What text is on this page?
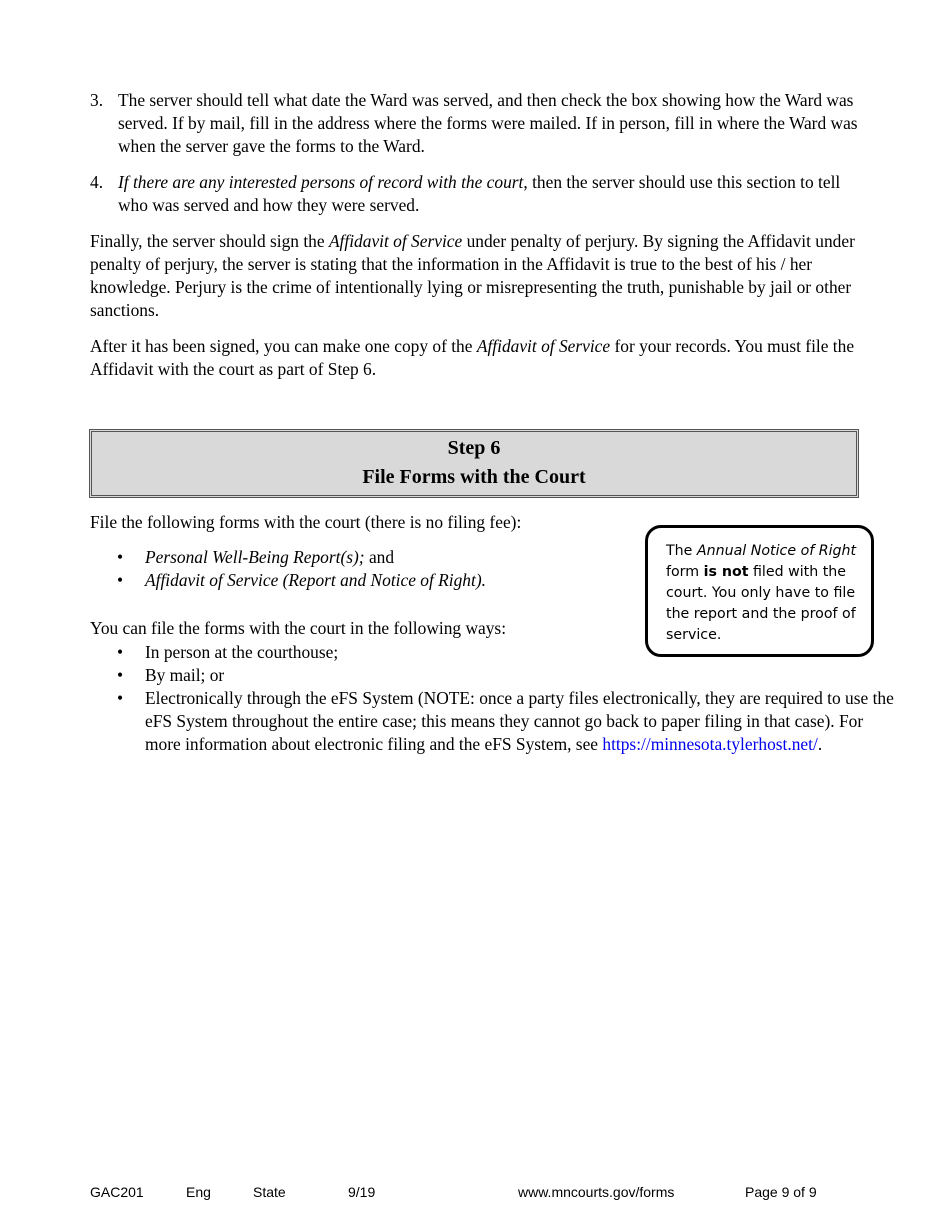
3. The server should tell what date the Ward was served, and then check the box showing how the Ward was served. If by mail, fill in the address where the forms were mailed. If in person, fill in where the Ward was when the server gave the forms to the Ward.
4. If there are any interested persons of record with the court, then the server should use this section to tell who was served and how they were served.
Finally, the server should sign the Affidavit of Service under penalty of perjury. By signing the Affidavit under penalty of perjury, the server is stating that the information in the Affidavit is true to the best of his / her knowledge. Perjury is the crime of intentionally lying or misrepresenting the truth, punishable by jail or other sanctions.
After it has been signed, you can make one copy of the Affidavit of Service for your records. You must file the Affidavit with the court as part of Step 6.
Step 6
File Forms with the Court
File the following forms with the court (there is no filing fee):
• Personal Well-Being Report(s); and
• Affidavit of Service (Report and Notice of Right).
You can file the forms with the court in the following ways:
• In person at the courthouse;
• By mail; or
• Electronically through the eFS System (NOTE: once a party files electronically, they are required to use the eFS System throughout the entire case; this means they cannot go back to paper filing in that case). For more information about electronic filing and the eFS System, see https://minnesota.tylerhost.net/.
The Annual Notice of Right form is not filed with the court. You only have to file the report and the proof of service.
GAC201	Eng	State	9/19	www.mncourts.gov/forms	Page 9 of 9
